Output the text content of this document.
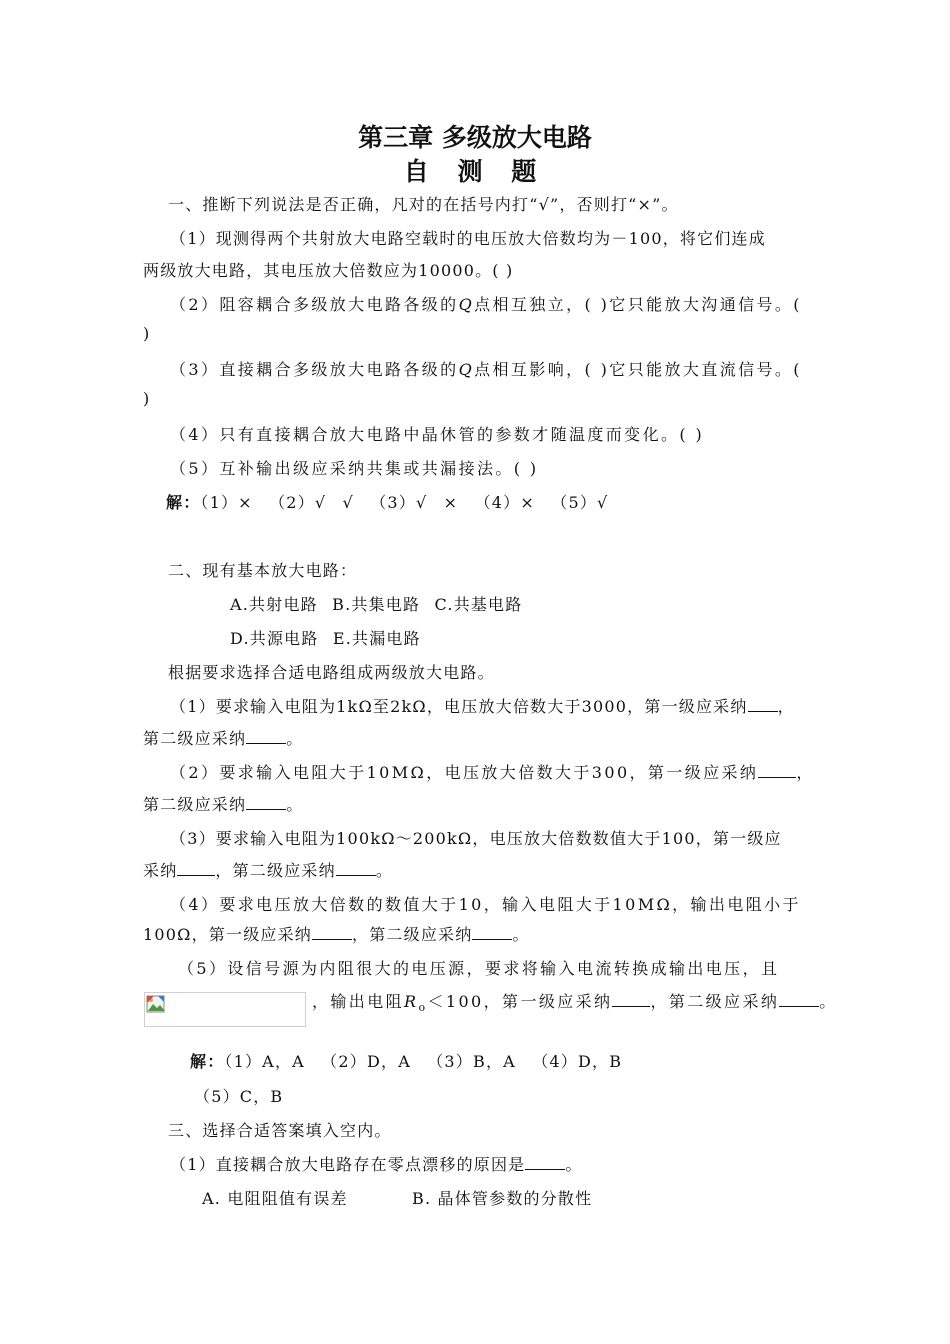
第三章 多级放大电路
自 测 题
一、推断下列说法是否正确，凡对的在括号内打“√”，否则打“×”。
（1）现测得两个共射放大电路空载时的电压放大倍数均为－100，将它们连成
两级放大电路，其电压放大倍数应为10000。( )
（2）阻容耦合多级放大电路各级的Q点相互独立，( )它只能放大沟通信号。(
)
（3）直接耦合多级放大电路各级的Q点相互影响，( )它只能放大直流信号。(
)
（4）只有直接耦合放大电路中晶休管的参数才随温度而变化。( )
（5）互补输出级应采纳共集或共漏接法。( )
解：（1）× （2）√ √ （3）√ × （4）× （5）√
二、现有基本放大电路：
A.共射电路 B.共集电路 C.共基电路
D.共源电路 E.共漏电路
根据要求选择合适电路组成两级放大电路。
（1）要求输入电阻为1kΩ至2kΩ，电压放大倍数大于3000，第一级应采纳 ，
第二级应采纳	。
（2）要求输入电阻大于10MΩ，电压放大倍数大于300，第一级应采纳 ，
第二级应采纳	。
（3）要求输入电阻为100kΩ～200kΩ，电压放大倍数数值大于100，第一级应
采纳 ，第二级应采纳	。
（4）要求电压放大倍数的数值大于10，输入电阻大于10MΩ，输出电阻小于
100Ω，第一级应采纳	，第二级应采纳	。
（5）设信号源为内阻很大的电压源，要求将输入电流转换成输出电压，且
，输出电阻$R_o<100$，第一级应采纳 ，第二级应采纳	。
解：（1）A，A （2）D，A （3）B，A （4）D，B
（5）C，B
三、选择合适答案填入空内。
（1）直接耦合放大电路存在零点漂移的原因是	。
A. 电阻阻值有误差	B. 晶体管参数的分散性
